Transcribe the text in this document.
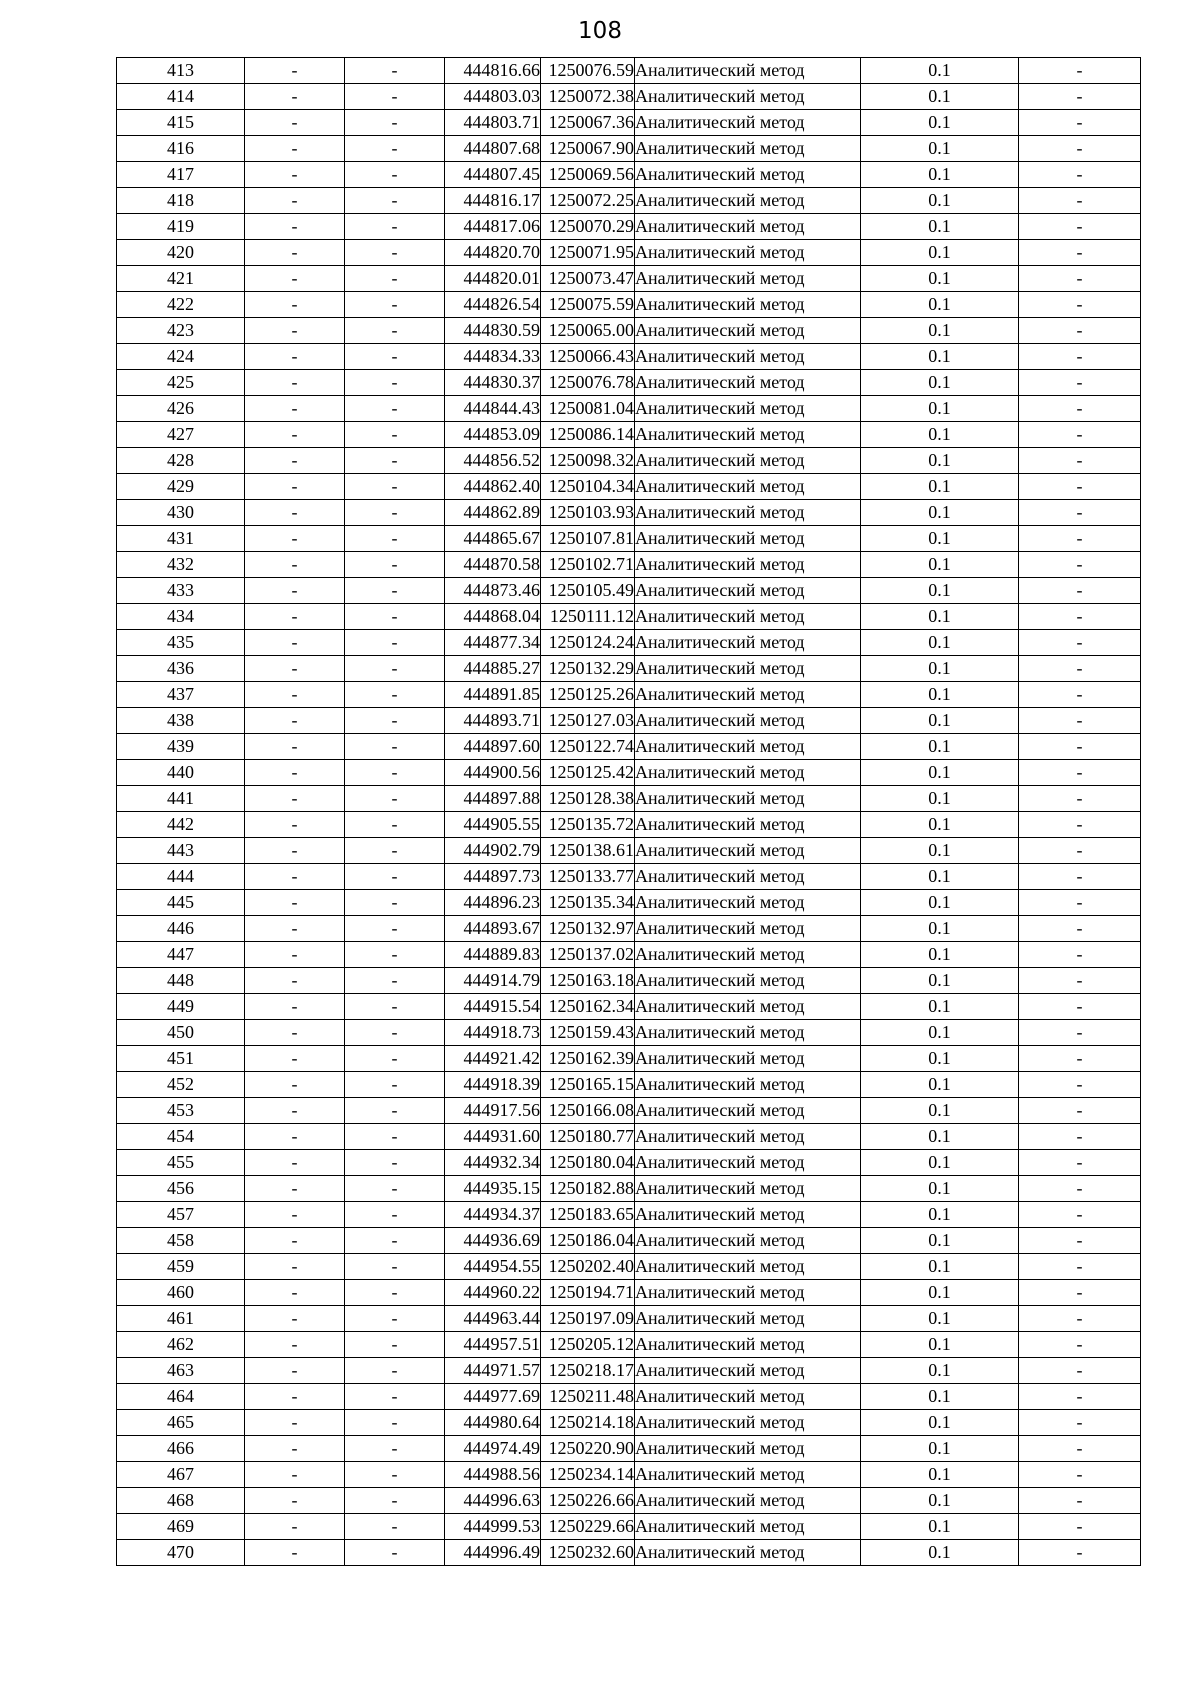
108
413	-	-	444816.66	1250076.59	Аналитический метод	0.1	-
414	-	-	444803.03	1250072.38	Аналитический метод	0.1	-
415	-	-	444803.71	1250067.36	Аналитический метод	0.1	-
416	-	-	444807.68	1250067.90	Аналитический метод	0.1	-
417	-	-	444807.45	1250069.56	Аналитический метод	0.1	-
418	-	-	444816.17	1250072.25	Аналитический метод	0.1	-
419	-	-	444817.06	1250070.29	Аналитический метод	0.1	-
420	-	-	444820.70	1250071.95	Аналитический метод	0.1	-
421	-	-	444820.01	1250073.47	Аналитический метод	0.1	-
422	-	-	444826.54	1250075.59	Аналитический метод	0.1	-
423	-	-	444830.59	1250065.00	Аналитический метод	0.1	-
424	-	-	444834.33	1250066.43	Аналитический метод	0.1	-
425	-	-	444830.37	1250076.78	Аналитический метод	0.1	-
426	-	-	444844.43	1250081.04	Аналитический метод	0.1	-
427	-	-	444853.09	1250086.14	Аналитический метод	0.1	-
428	-	-	444856.52	1250098.32	Аналитический метод	0.1	-
429	-	-	444862.40	1250104.34	Аналитический метод	0.1	-
430	-	-	444862.89	1250103.93	Аналитический метод	0.1	-
431	-	-	444865.67	1250107.81	Аналитический метод	0.1	-
432	-	-	444870.58	1250102.71	Аналитический метод	0.1	-
433	-	-	444873.46	1250105.49	Аналитический метод	0.1	-
434	-	-	444868.04	1250111.12	Аналитический метод	0.1	-
435	-	-	444877.34	1250124.24	Аналитический метод	0.1	-
436	-	-	444885.27	1250132.29	Аналитический метод	0.1	-
437	-	-	444891.85	1250125.26	Аналитический метод	0.1	-
438	-	-	444893.71	1250127.03	Аналитический метод	0.1	-
439	-	-	444897.60	1250122.74	Аналитический метод	0.1	-
440	-	-	444900.56	1250125.42	Аналитический метод	0.1	-
441	-	-	444897.88	1250128.38	Аналитический метод	0.1	-
442	-	-	444905.55	1250135.72	Аналитический метод	0.1	-
443	-	-	444902.79	1250138.61	Аналитический метод	0.1	-
444	-	-	444897.73	1250133.77	Аналитический метод	0.1	-
445	-	-	444896.23	1250135.34	Аналитический метод	0.1	-
446	-	-	444893.67	1250132.97	Аналитический метод	0.1	-
447	-	-	444889.83	1250137.02	Аналитический метод	0.1	-
448	-	-	444914.79	1250163.18	Аналитический метод	0.1	-
449	-	-	444915.54	1250162.34	Аналитический метод	0.1	-
450	-	-	444918.73	1250159.43	Аналитический метод	0.1	-
451	-	-	444921.42	1250162.39	Аналитический метод	0.1	-
452	-	-	444918.39	1250165.15	Аналитический метод	0.1	-
453	-	-	444917.56	1250166.08	Аналитический метод	0.1	-
454	-	-	444931.60	1250180.77	Аналитический метод	0.1	-
455	-	-	444932.34	1250180.04	Аналитический метод	0.1	-
456	-	-	444935.15	1250182.88	Аналитический метод	0.1	-
457	-	-	444934.37	1250183.65	Аналитический метод	0.1	-
458	-	-	444936.69	1250186.04	Аналитический метод	0.1	-
459	-	-	444954.55	1250202.40	Аналитический метод	0.1	-
460	-	-	444960.22	1250194.71	Аналитический метод	0.1	-
461	-	-	444963.44	1250197.09	Аналитический метод	0.1	-
462	-	-	444957.51	1250205.12	Аналитический метод	0.1	-
463	-	-	444971.57	1250218.17	Аналитический метод	0.1	-
464	-	-	444977.69	1250211.48	Аналитический метод	0.1	-
465	-	-	444980.64	1250214.18	Аналитический метод	0.1	-
466	-	-	444974.49	1250220.90	Аналитический метод	0.1	-
467	-	-	444988.56	1250234.14	Аналитический метод	0.1	-
468	-	-	444996.63	1250226.66	Аналитический метод	0.1	-
469	-	-	444999.53	1250229.66	Аналитический метод	0.1	-
470	-	-	444996.49	1250232.60	Аналитический метод	0.1	-
